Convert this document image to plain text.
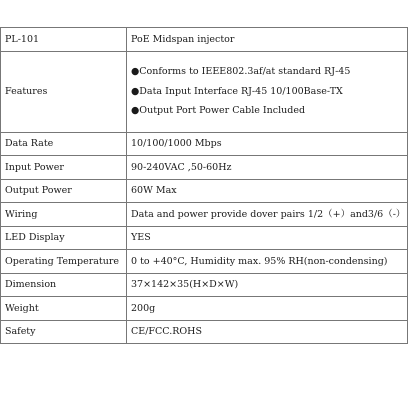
PL-101	PoE Midspan injector
Features	●Conforms to IEEE802.3af/at standard RJ-45
●Data Input Interface RJ-45 10/100Base-TX
●Output Port Power Cable Included

Data Rate	10/100/1000 Mbps
Input Power	90-240VAC ,50-60Hz
Output Power	60W Max
Wiring	Data and power provide dover pairs 1/2（+）and3/6（-）
LED Display	YES
Operating Temperature	0 to +40°C, Humidity max. 95% RH(non-condensing)
Dimension	37×142×35(H×D×W)
Weight	200g
Safety	CE/FCC.ROHS
